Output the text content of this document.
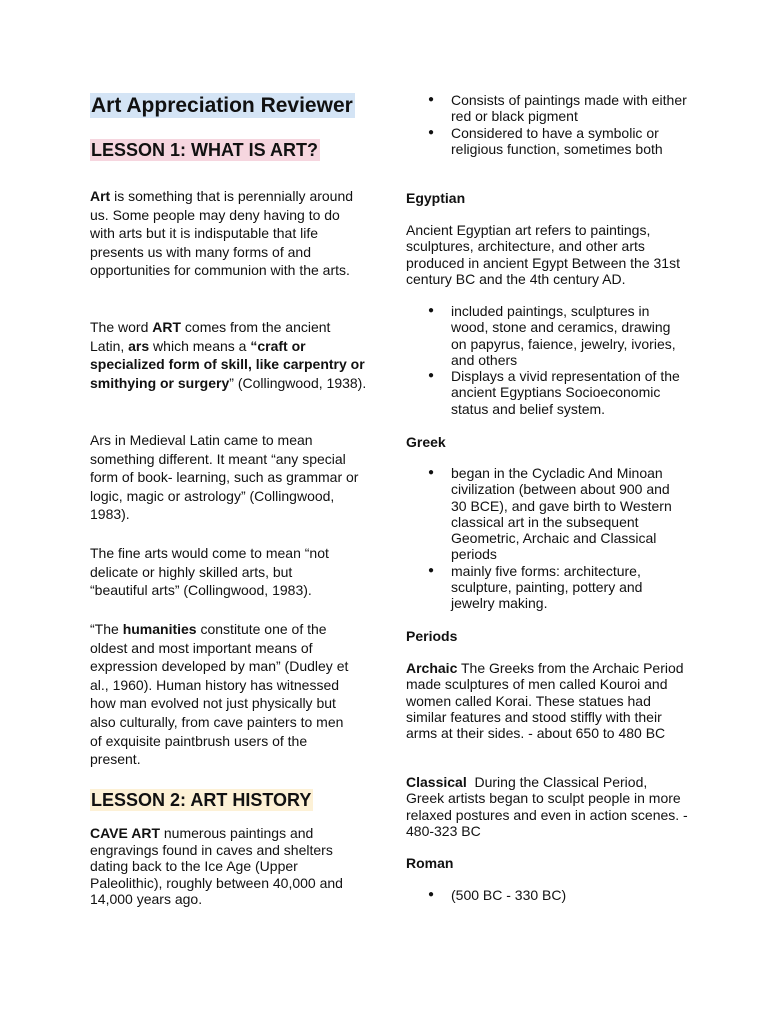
Art Appreciation Reviewer
LESSON 1: WHAT IS ART?

Art is something that is perennially around us. Some people may deny having to do with arts but it is indisputable that life presents us with many forms of and opportunities for communion with the arts.

The word ART comes from the ancient Latin, ars which means a “craft or specialized form of skill, like carpentry or smithying or surgery” (Collingwood, 1938).

Ars in Medieval Latin came to mean something different. It meant “any special form of book- learning, such as grammar or logic, magic or astrology” (Collingwood, 1983).

The fine arts would come to mean “not delicate or highly skilled arts, but “beautiful arts” (Collingwood, 1983).

“The humanities constitute one of the oldest and most important means of expression developed by man” (Dudley et al., 1960). Human history has witnessed how man evolved not just physically but also culturally, from cave painters to men of exquisite paintbrush users of the present.

LESSON 2: ART HISTORY

CAVE ART numerous paintings and engravings found in caves and shelters dating back to the Ice Age (Upper Paleolithic), roughly between 40,000 and 14,000 years ago.

● Consists of paintings made with either red or black pigment
● Considered to have a symbolic or religious function, sometimes both
Egyptian

Ancient Egyptian art refers to paintings, sculptures, architecture, and other arts produced in ancient Egypt Between the 31st century BC and the 4th century AD.

● included paintings, sculptures in wood, stone and ceramics, drawing on papyrus, faience, jewelry, ivories, and others
● Displays a vivid representation of the ancient Egyptians Socioeconomic status and belief system.
Greek
● began in the Cycladic And Minoan civilization (between about 900 and 30 BCE), and gave birth to Western classical art in the subsequent Geometric, Archaic and Classical periods
● mainly five forms: architecture, sculpture, painting, pottery and jewelry making.
Periods

Archaic The Greeks from the Archaic Period made sculptures of men called Kouroi and women called Korai. These statues had similar features and stood stiffly with their arms at their sides. - about 650 to 480 BC

Classical  During the Classical Period, Greek artists began to sculpt people in more relaxed postures and even in action scenes. - 480-323 BC

Roman
● (500 BC - 330 BC)
